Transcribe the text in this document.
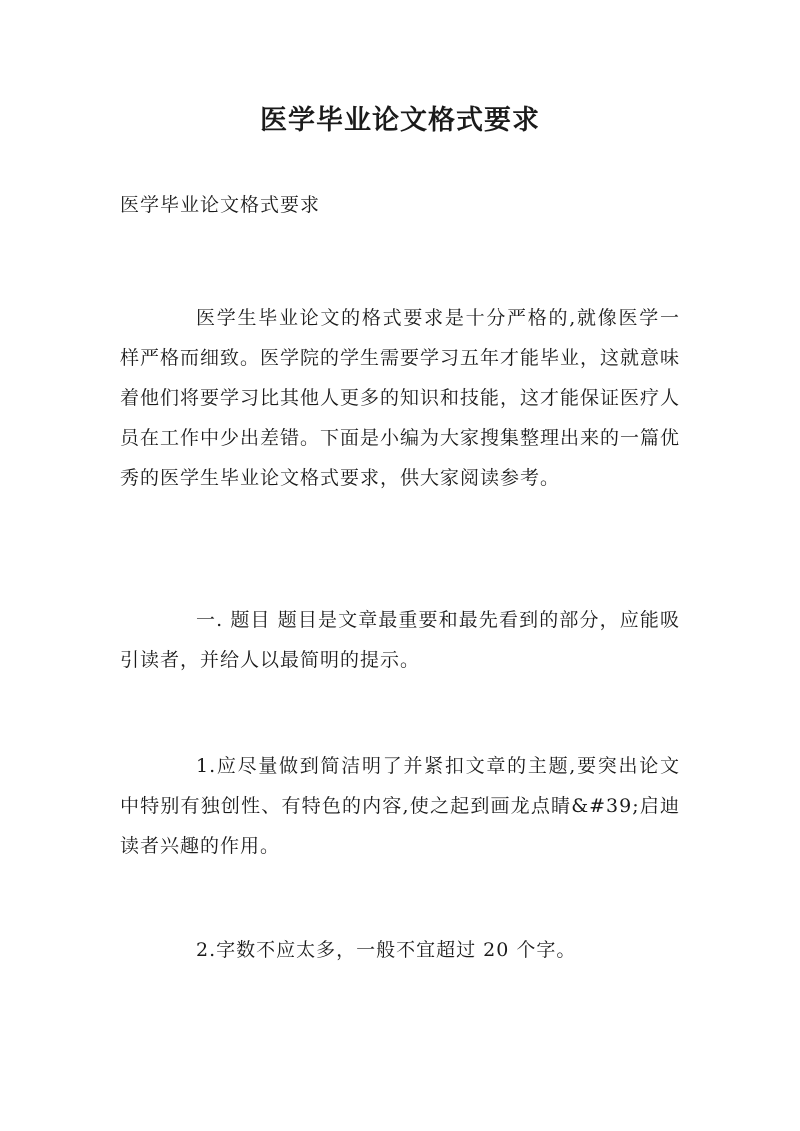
医学毕业论文格式要求

医学毕业论文格式要求

医学生毕业论文的格式要求是十分严格的,就像医学一样严格而细致。医学院的学生需要学习五年才能毕业，这就意味着他们将要学习比其他人更多的知识和技能，这才能保证医疗人员在工作中少出差错。下面是小编为大家搜集整理出来的一篇优秀的医学生毕业论文格式要求，供大家阅读参考。

一. 题目 题目是文章最重要和最先看到的部分，应能吸引读者，并给人以最简明的提示。

1.应尽量做到简洁明了并紧扣文章的主题,要突出论文中特别有独创性、有特色的内容,使之起到画龙点睛&#39;启迪读者兴趣的作用。

2.字数不应太多，一般不宜超过 20 个字。
